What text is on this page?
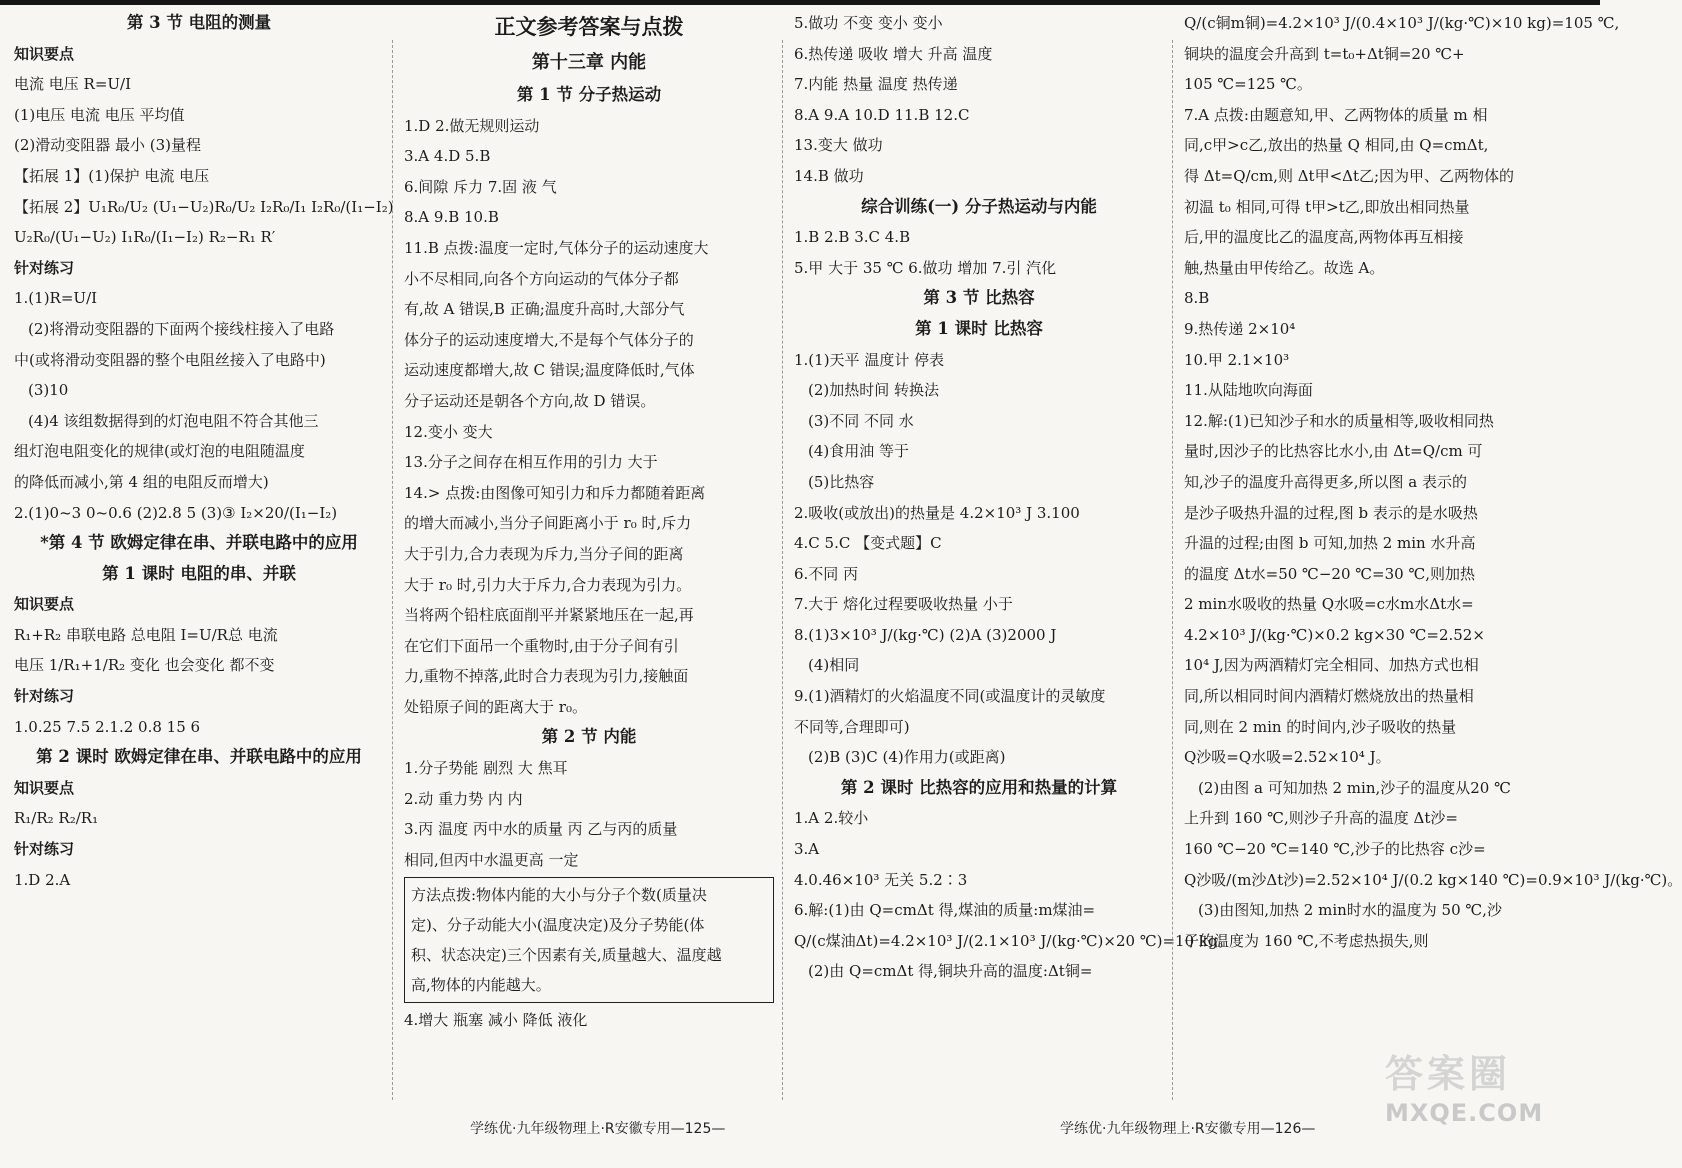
第 3 节 电阻的测量
知识要点
电流 电压 R=U/I
(1)电压 电流 电压 平均值
(2)滑动变阻器 最小 (3)量程
【拓展 1】(1)保护 电流 电压
【拓展 2】U₁R₀/U₂ (U₁−U₂)R₀/U₂ I₂R₀/I₁ I₂R₀/(I₁−I₂)
U₂R₀/(U₁−U₂) I₁R₀/(I₁−I₂) R₂−R₁ R′
针对练习
1.(1)R=U/I
(2)将滑动变阻器的下面两个接线柱接入了电路
中(或将滑动变阻器的整个电阻丝接入了电路中)
(3)10
(4)4 该组数据得到的灯泡电阻不符合其他三
组灯泡电阻变化的规律(或灯泡的电阻随温度
的降低而减小,第 4 组的电阻反而增大)
2.(1)0~3 0~0.6 (2)2.8 5 (3)③ I₂×20/(I₁−I₂)
*第 4 节 欧姆定律在串、并联电路中的应用
第 1 课时 电阻的串、并联
知识要点
R₁+R₂ 串联电路 总电阻 I=U/R总 电流
电压 1/R₁+1/R₂ 变化 也会变化 都不变
针对练习
1.0.25 7.5 2.1.2 0.8 15 6
第 2 课时 欧姆定律在串、并联电路中的应用
知识要点
R₁/R₂ R₂/R₁
针对练习
1.D 2.A
正文参考答案与点拨
第十三章 内能
第 1 节 分子热运动
1.D 2.做无规则运动
3.A 4.D 5.B
6.间隙 斥力 7.固 液 气
8.A 9.B 10.B
11.B 点拨:温度一定时,气体分子的运动速度大
小不尽相同,向各个方向运动的气体分子都
有,故 A 错误,B 正确;温度升高时,大部分气
体分子的运动速度增大,不是每个气体分子的
运动速度都增大,故 C 错误;温度降低时,气体
分子运动还是朝各个方向,故 D 错误。
12.变小 变大
13.分子之间存在相互作用的引力 大于
14.> 点拨:由图像可知引力和斥力都随着距离
的增大而减小,当分子间距离小于 r₀ 时,斥力
大于引力,合力表现为斥力,当分子间的距离
大于 r₀ 时,引力大于斥力,合力表现为引力。
当将两个铅柱底面削平并紧紧地压在一起,再
在它们下面吊一个重物时,由于分子间有引
力,重物不掉落,此时合力表现为引力,接触面
处铅原子间的距离大于 r₀。
第 2 节 内能
1.分子势能 剧烈 大 焦耳
2.动 重力势 内 内
3.丙 温度 丙中水的质量 丙 乙与丙的质量
相同,但丙中水温更高 一定
方法点拨:物体内能的大小与分子个数(质量决
定)、分子动能大小(温度决定)及分子势能(体
积、状态决定)三个因素有关,质量越大、温度越
高,物体的内能越大。
4.增大 瓶塞 减小 降低 液化
5.做功 不变 变小 变小
6.热传递 吸收 增大 升高 温度
7.内能 热量 温度 热传递
8.A 9.A 10.D 11.B 12.C
13.变大 做功
14.B 做功
综合训练(一) 分子热运动与内能
1.B 2.B 3.C 4.B
5.甲 大于 35 ℃ 6.做功 增加 7.引 汽化
第 3 节 比热容
第 1 课时 比热容
1.(1)天平 温度计 停表
(2)加热时间 转换法
(3)不同 不同 水
(4)食用油 等于
(5)比热容
2.吸收(或放出)的热量是 4.2×10³ J 3.100
4.C 5.C 【变式题】C
6.不同 丙
7.大于 熔化过程要吸收热量 小于
8.(1)3×10³ J/(kg·℃) (2)A (3)2000 J
(4)相同
9.(1)酒精灯的火焰温度不同(或温度计的灵敏度
不同等,合理即可)
(2)B (3)C (4)作用力(或距离)
第 2 课时 比热容的应用和热量的计算
1.A 2.较小
3.A
4.0.46×10³ 无关 5.2∶3
6.解:(1)由 Q=cmΔt 得,煤油的质量:m煤油=
Q/(c煤油Δt)=4.2×10³ J/(2.1×10³ J/(kg·℃)×20 ℃)=10 kg。
(2)由 Q=cmΔt 得,铜块升高的温度:Δt铜=
Q/(c铜m铜)=4.2×10³ J/(0.4×10³ J/(kg·℃)×10 kg)=105 ℃,
铜块的温度会升高到 t=t₀+Δt铜=20 ℃+
105 ℃=125 ℃。
7.A 点拨:由题意知,甲、乙两物体的质量 m 相
同,c甲>c乙,放出的热量 Q 相同,由 Q=cmΔt,
得 Δt=Q/cm,则 Δt甲<Δt乙;因为甲、乙两物体的
初温 t₀ 相同,可得 t甲>t乙,即放出相同热量
后,甲的温度比乙的温度高,两物体再互相接
触,热量由甲传给乙。故选 A。
8.B
9.热传递 2×10⁴
10.甲 2.1×10³
11.从陆地吹向海面
12.解:(1)已知沙子和水的质量相等,吸收相同热
量时,因沙子的比热容比水小,由 Δt=Q/cm 可
知,沙子的温度升高得更多,所以图 a 表示的
是沙子吸热升温的过程,图 b 表示的是水吸热
升温的过程;由图 b 可知,加热 2 min 水升高
的温度 Δt水=50 ℃−20 ℃=30 ℃,则加热
2 min水吸收的热量 Q水吸=c水m水Δt水=
4.2×10³ J/(kg·℃)×0.2 kg×30 ℃=2.52×
10⁴ J,因为两酒精灯完全相同、加热方式也相
同,所以相同时间内酒精灯燃烧放出的热量相
同,则在 2 min 的时间内,沙子吸收的热量
Q沙吸=Q水吸=2.52×10⁴ J。
(2)由图 a 可知加热 2 min,沙子的温度从20 ℃
上升到 160 ℃,则沙子升高的温度 Δt沙=
160 ℃−20 ℃=140 ℃,沙子的比热容 c沙=
Q沙吸/(m沙Δt沙)=2.52×10⁴ J/(0.2 kg×140 ℃)=0.9×10³ J/(kg·℃)。
(3)由图知,加热 2 min时水的温度为 50 ℃,沙
子的温度为 160 ℃,不考虑热损失,则
学练优·九年级物理上·R安徽专用—125—	学练优·九年级物理上·R安徽专用—126—
答案圈
MXQE.COM
